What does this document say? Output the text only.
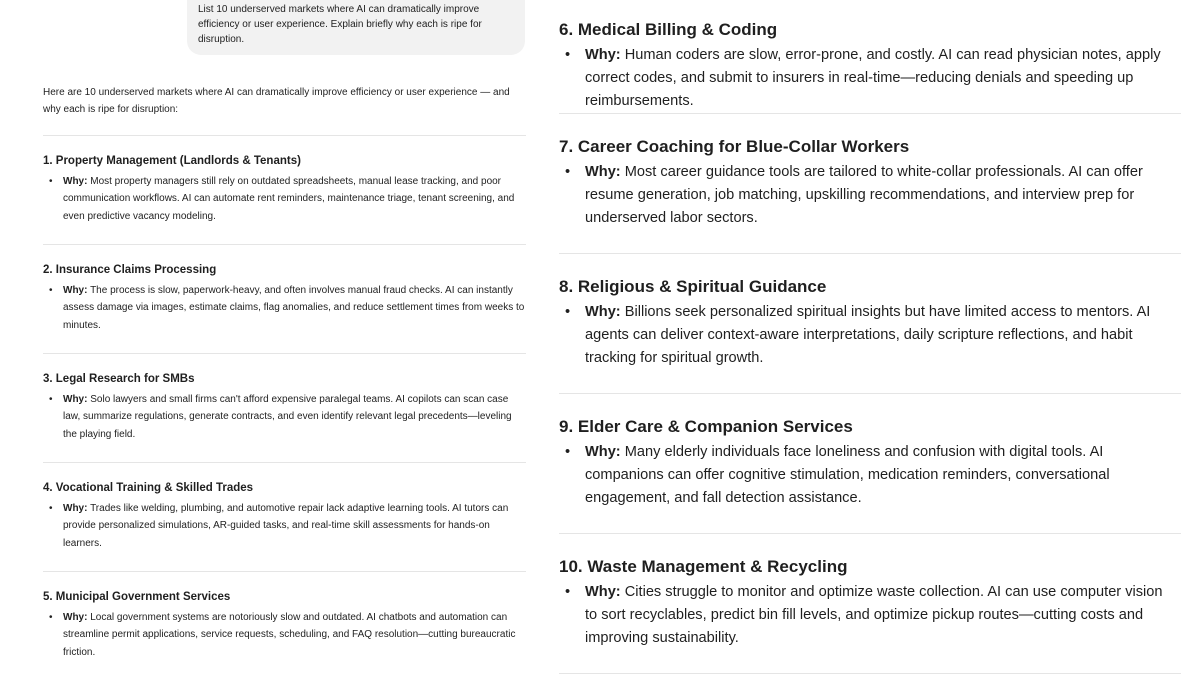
List 10 underserved markets where AI can dramatically improve efficiency or user experience. Explain briefly why each is ripe for disruption.
Here are 10 underserved markets where AI can dramatically improve efficiency or user experience — and why each is ripe for disruption:
1. Property Management (Landlords & Tenants)
•	Why: Most property managers still rely on outdated spreadsheets, manual lease tracking, and poor communication workflows. AI can automate rent reminders, maintenance triage, tenant screening, and even predictive vacancy modeling.
2. Insurance Claims Processing
•	Why: The process is slow, paperwork-heavy, and often involves manual fraud checks. AI can instantly assess damage via images, estimate claims, flag anomalies, and reduce settlement times from weeks to minutes.
3. Legal Research for SMBs
•	Why: Solo lawyers and small firms can't afford expensive paralegal teams. AI copilots can scan case law, summarize regulations, generate contracts, and even identify relevant legal precedents—leveling the playing field.
4. Vocational Training & Skilled Trades
•	Why: Trades like welding, plumbing, and automotive repair lack adaptive learning tools. AI tutors can provide personalized simulations, AR-guided tasks, and real-time skill assessments for hands-on learners.
5. Municipal Government Services
•	Why: Local government systems are notoriously slow and outdated. AI chatbots and automation can streamline permit applications, service requests, scheduling, and FAQ resolution—cutting bureaucratic friction.
6. Medical Billing & Coding
•	Why: Human coders are slow, error-prone, and costly. AI can read physician notes, apply correct codes, and submit to insurers in real-time—reducing denials and speeding up reimbursements.
7. Career Coaching for Blue-Collar Workers
•	Why: Most career guidance tools are tailored to white-collar professionals. AI can offer resume generation, job matching, upskilling recommendations, and interview prep for underserved labor sectors.
8. Religious & Spiritual Guidance
•	Why: Billions seek personalized spiritual insights but have limited access to mentors. AI agents can deliver context-aware interpretations, daily scripture reflections, and habit tracking for spiritual growth.
9. Elder Care & Companion Services
•	Why: Many elderly individuals face loneliness and confusion with digital tools. AI companions can offer cognitive stimulation, medication reminders, conversational engagement, and fall detection assistance.
10. Waste Management & Recycling
•	Why: Cities struggle to monitor and optimize waste collection. AI can use computer vision to sort recyclables, predict bin fill levels, and optimize pickup routes—cutting costs and improving sustainability.
